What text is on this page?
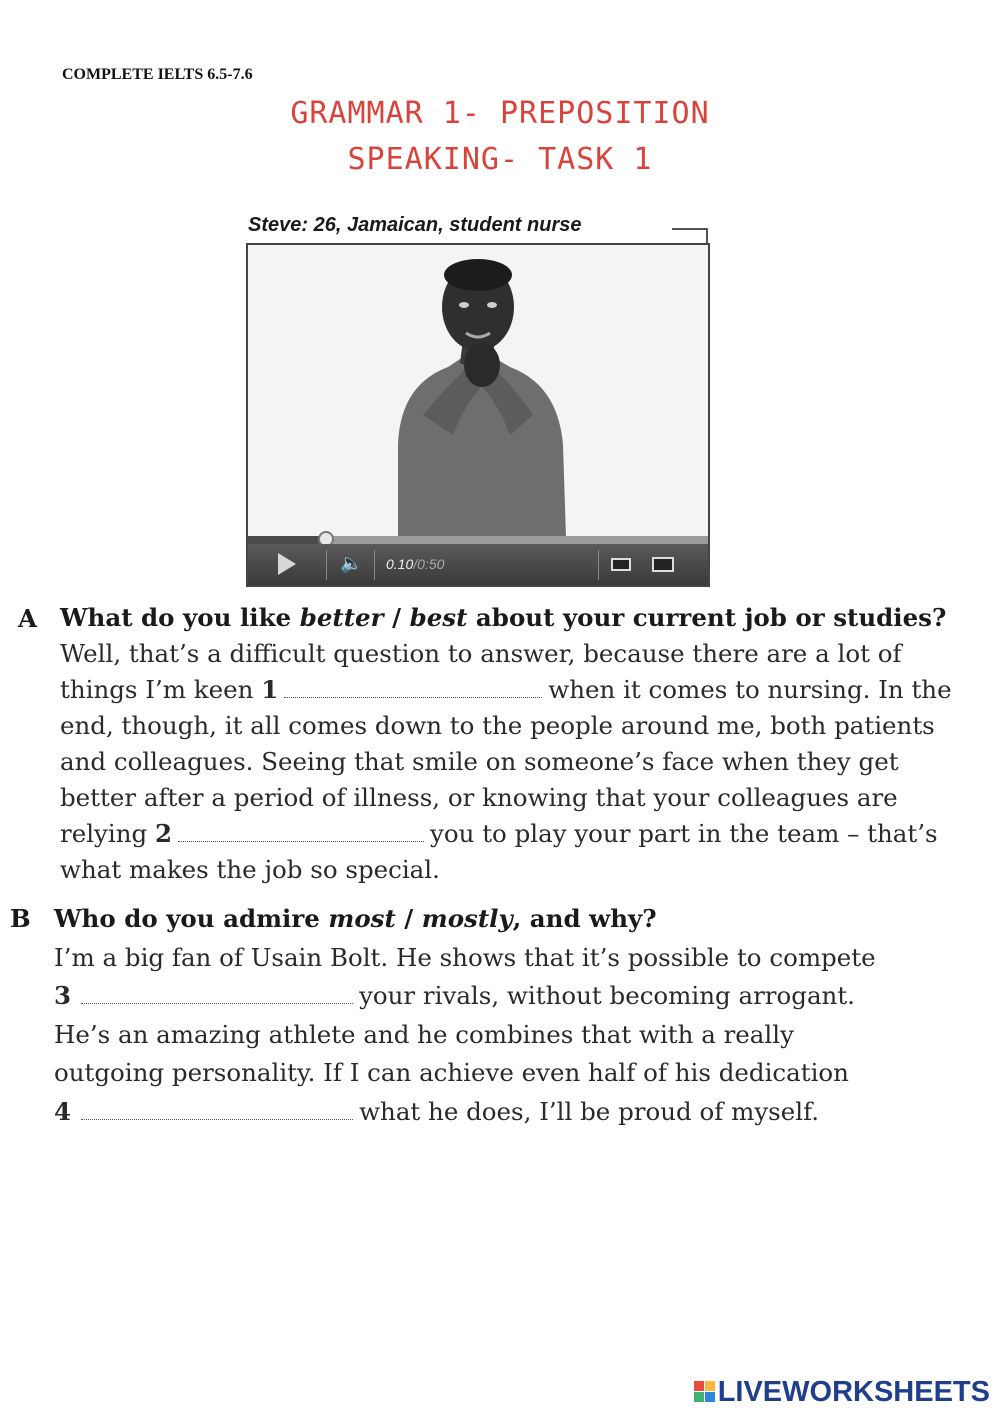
COMPLETE IELTS 6.5-7.6
GRAMMAR 1- PREPOSITION
SPEAKING- TASK 1
🔈 0.10/0:50
Steve: 26, Jamaican, student nurse
A What do you like better / best about your current job or studies?
Well, that’s a difficult question to answer, because there are a lot of
things I’m keen 1	when it comes to nursing. In the
end, though, it all comes down to the people around me, both patients
and colleagues. Seeing that smile on someone’s face when they get
better after a period of illness, or knowing that your colleagues are
relying 2	you to play your part in the team – that’s
what makes the job so special.
B Who do you admire most / mostly, and why?
I’m a big fan of Usain Bolt. He shows that it’s possible to compete
3	your rivals, without becoming arrogant.
He’s an amazing athlete and he combines that with a really
outgoing personality. If I can achieve even half of his dedication
4	what he does, I’ll be proud of myself.
LIVEWORKSHEETS
